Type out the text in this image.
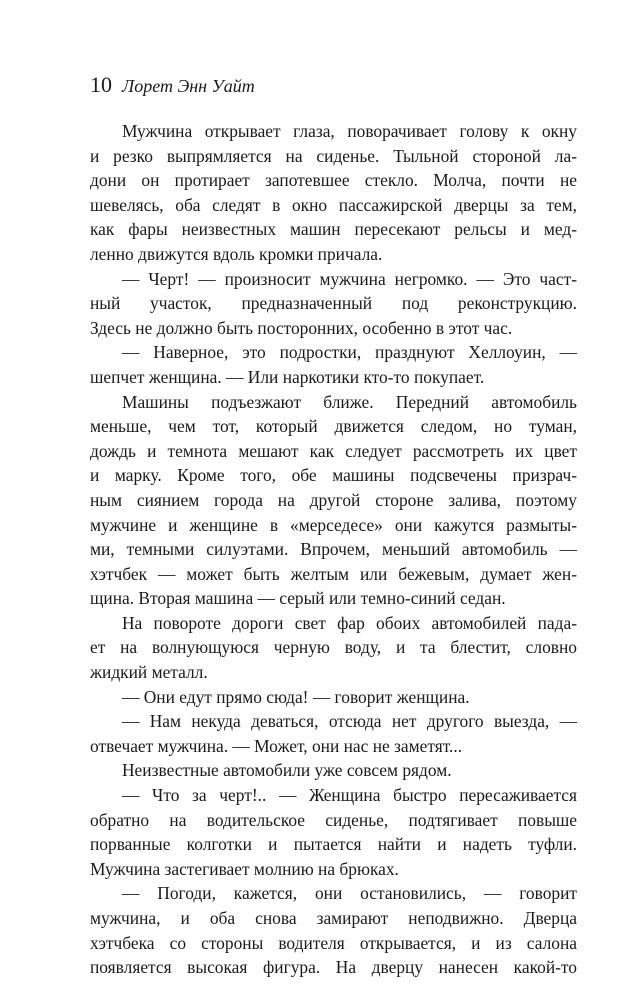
10 Лорет Энн Уайт
Мужчина открывает глаза, поворачивает голову к окну
и резко выпрямляется на сиденье. Тыльной стороной ла-
дони он протирает запотевшее стекло. Молча, почти не
шевелясь, оба следят в окно пассажирской дверцы за тем,
как фары неизвестных машин пересекают рельсы и мед-
ленно движутся вдоль кромки причала.
— Черт! — произносит мужчина негромко. — Это част-
ный участок, предназначенный под реконструкцию.
Здесь не должно быть посторонних, особенно в этот час.
— Наверное, это подростки, празднуют Хеллоуин, —
шепчет женщина. — Или наркотики кто-то покупает.
Машины подъезжают ближе. Передний автомобиль
меньше, чем тот, который движется следом, но туман,
дождь и темнота мешают как следует рассмотреть их цвет
и марку. Кроме того, обе машины подсвечены призрач-
ным сиянием города на другой стороне залива, поэтому
мужчине и женщине в «мерседесе» они кажутся размыты-
ми, темными силуэтами. Впрочем, меньший автомобиль —
хэтчбек — может быть желтым или бежевым, думает жен-
щина. Вторая машина — серый или темно-синий седан.
На повороте дороги свет фар обоих автомобилей пада-
ет на волнующуюся черную воду, и та блестит, словно
жидкий металл.
— Они едут прямо сюда! — говорит женщина.
— Нам некуда деваться, отсюда нет другого выезда, —
отвечает мужчина. — Может, они нас не заметят...
Неизвестные автомобили уже совсем рядом.
— Что за черт!.. — Женщина быстро пересаживается
обратно на водительское сиденье, подтягивает повыше
порванные колготки и пытается найти и надеть туфли.
Мужчина застегивает молнию на брюках.
— Погоди, кажется, они остановились, — говорит
мужчина, и оба снова замирают неподвижно. Дверца
хэтчбека со стороны водителя открывается, и из салона
появляется высокая фигура. На дверцу нанесен какой-то
